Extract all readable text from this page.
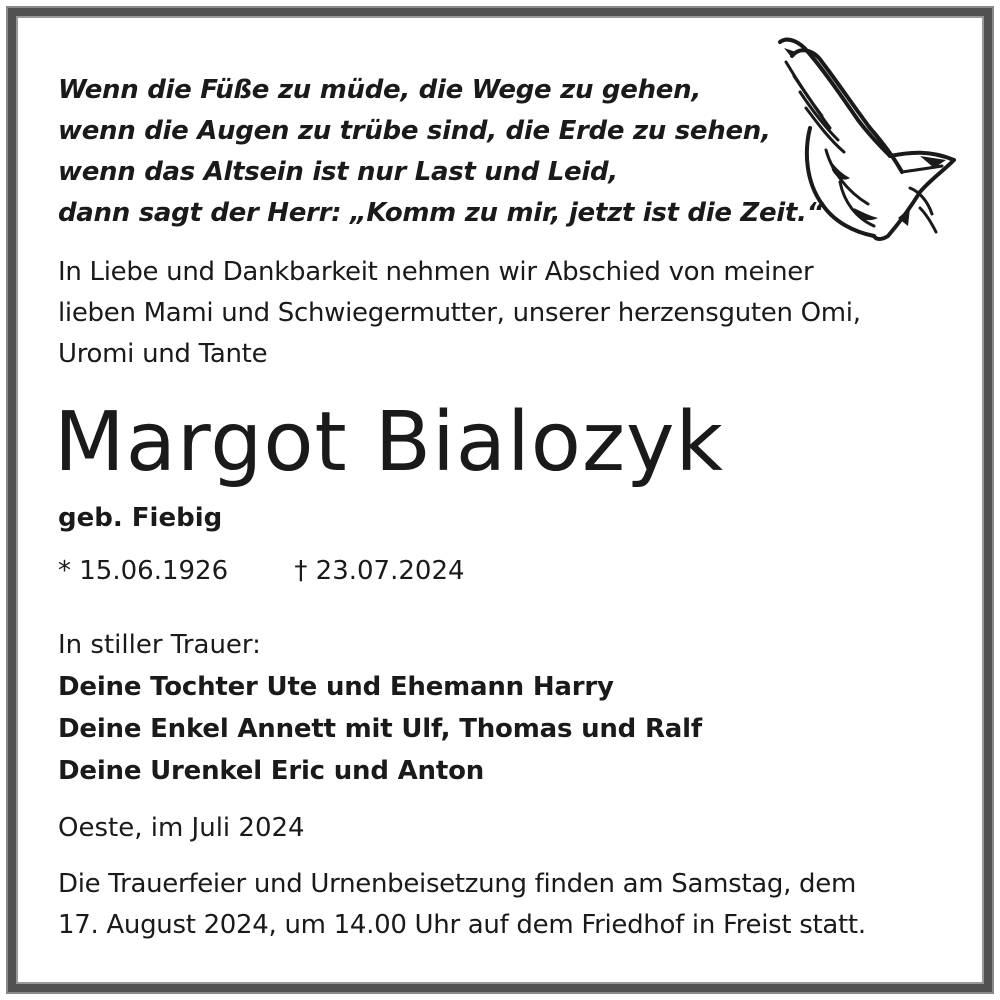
Wenn die Füße zu müde, die Wege zu gehen,
wenn die Augen zu trübe sind, die Erde zu sehen,
wenn das Altsein ist nur Last und Leid,
dann sagt der Herr: „Komm zu mir, jetzt ist die Zeit.“
In Liebe und Dankbarkeit nehmen wir Abschied von meiner
lieben Mami und Schwiegermutter, unserer herzensguten Omi,
Uromi und Tante
Margot Bialozyk
geb. Fiebig
* 15.06.1926	† 23.07.2024
In stiller Trauer:
Deine Tochter Ute und Ehemann Harry
Deine Enkel Annett mit Ulf, Thomas und Ralf
Deine Urenkel Eric und Anton
Oeste, im Juli 2024
Die Trauerfeier und Urnenbeisetzung finden am Samstag, dem
17. August 2024, um 14.00 Uhr auf dem Friedhof in Freist statt.
